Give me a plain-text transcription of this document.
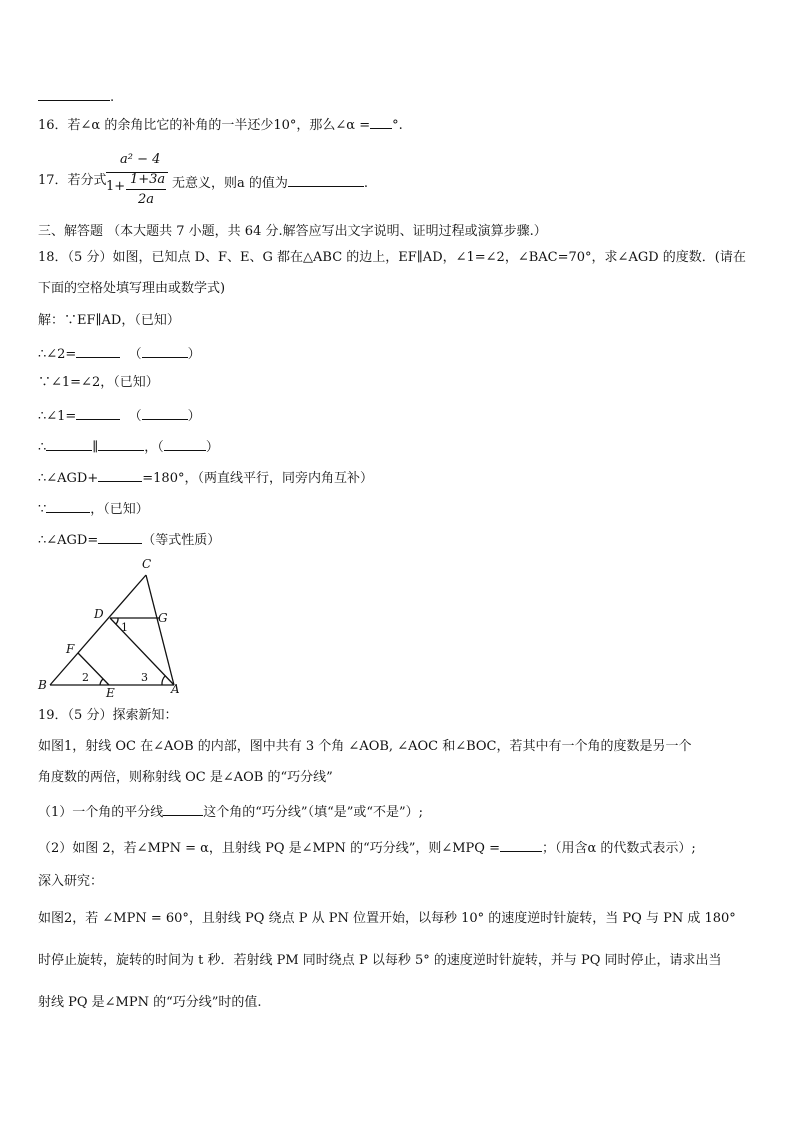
.
16．若∠α 的余角比它的补角的一半还少10°，那么∠α = °.
17．若分式
a² − 4
1+ 1+3a
2a
无意义，则a 的值为	.
三、解答题 （本大题共 7 小题，共 64 分.解答应写出文字说明、证明过程或演算步骤.）
18．（5 分）如图，已知点 D、F、E、G 都在△ABC 的边上，EF∥AD，∠1=∠2，∠BAC=70°，求∠AGD 的度数．(请在
下面的空格处填写理由或数学式)
解：∵EF∥AD，（已知）
∴∠2=	（	）
∵∠1=∠2，（已知）
∴∠1=	（	）
∴	∥	，（	）
∴∠AGD+	=180°，（两直线平行，同旁内角互补）
∵	，（已知）
∴∠AGD=	（等式性质）
C
D	G
F
B
E	A
1
2	3
19．（5 分）探索新知：
如图1，射线 OC 在∠AOB 的内部，图中共有 3 个角 ∠AOB, ∠AOC 和∠BOC，若其中有一个角的度数是另一个
角度数的两倍，则称射线 OC 是∠AOB 的“巧分线”
（1）一个角的平分线	这个角的“巧分线”（填“是”或“不是”）;
（2）如图 2，若∠MPN = α，且射线 PQ 是∠MPN 的“巧分线”，则∠MPQ =	；（用含α 的代数式表示）;
深入研究：
如图2，若 ∠MPN = 60°，且射线 PQ 绕点 P 从 PN 位置开始，以每秒 10° 的速度逆时针旋转，当 PQ 与 PN 成 180°
时停止旋转，旋转的时间为 t 秒．若射线 PM 同时绕点 P 以每秒 5° 的速度逆时针旋转，并与 PQ 同时停止，请求出当
射线 PQ 是∠MPN 的“巧分线”时的值.
